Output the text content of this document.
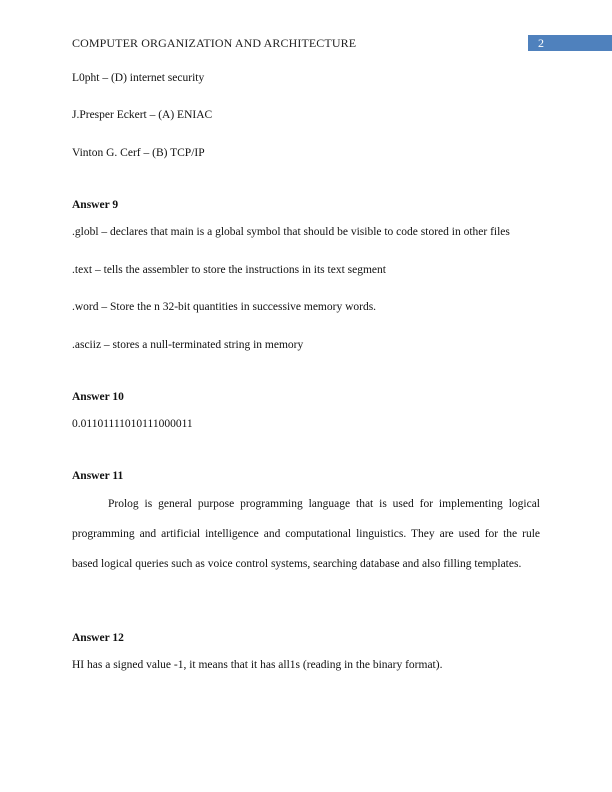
COMPUTER ORGANIZATION AND ARCHITECTURE	2
L0pht – (D) internet security
J.Presper Eckert – (A) ENIAC
Vinton G. Cerf – (B) TCP/IP
Answer 9
.globl – declares that main is a global symbol that should be visible to code stored in other files
.text – tells the assembler to store the instructions in its text segment
.word – Store the n 32-bit quantities in successive memory words.
.asciiz – stores a null-terminated string in memory
Answer 10
0.01101111010111000011
Answer 11
Prolog is general purpose programming language that is used for implementing logical programming and artificial intelligence and computational linguistics. They are used for the rule based logical queries such as voice control systems, searching database and also filling templates.
Answer 12
HI has a signed value -1, it means that it has all1s (reading in the binary format).
